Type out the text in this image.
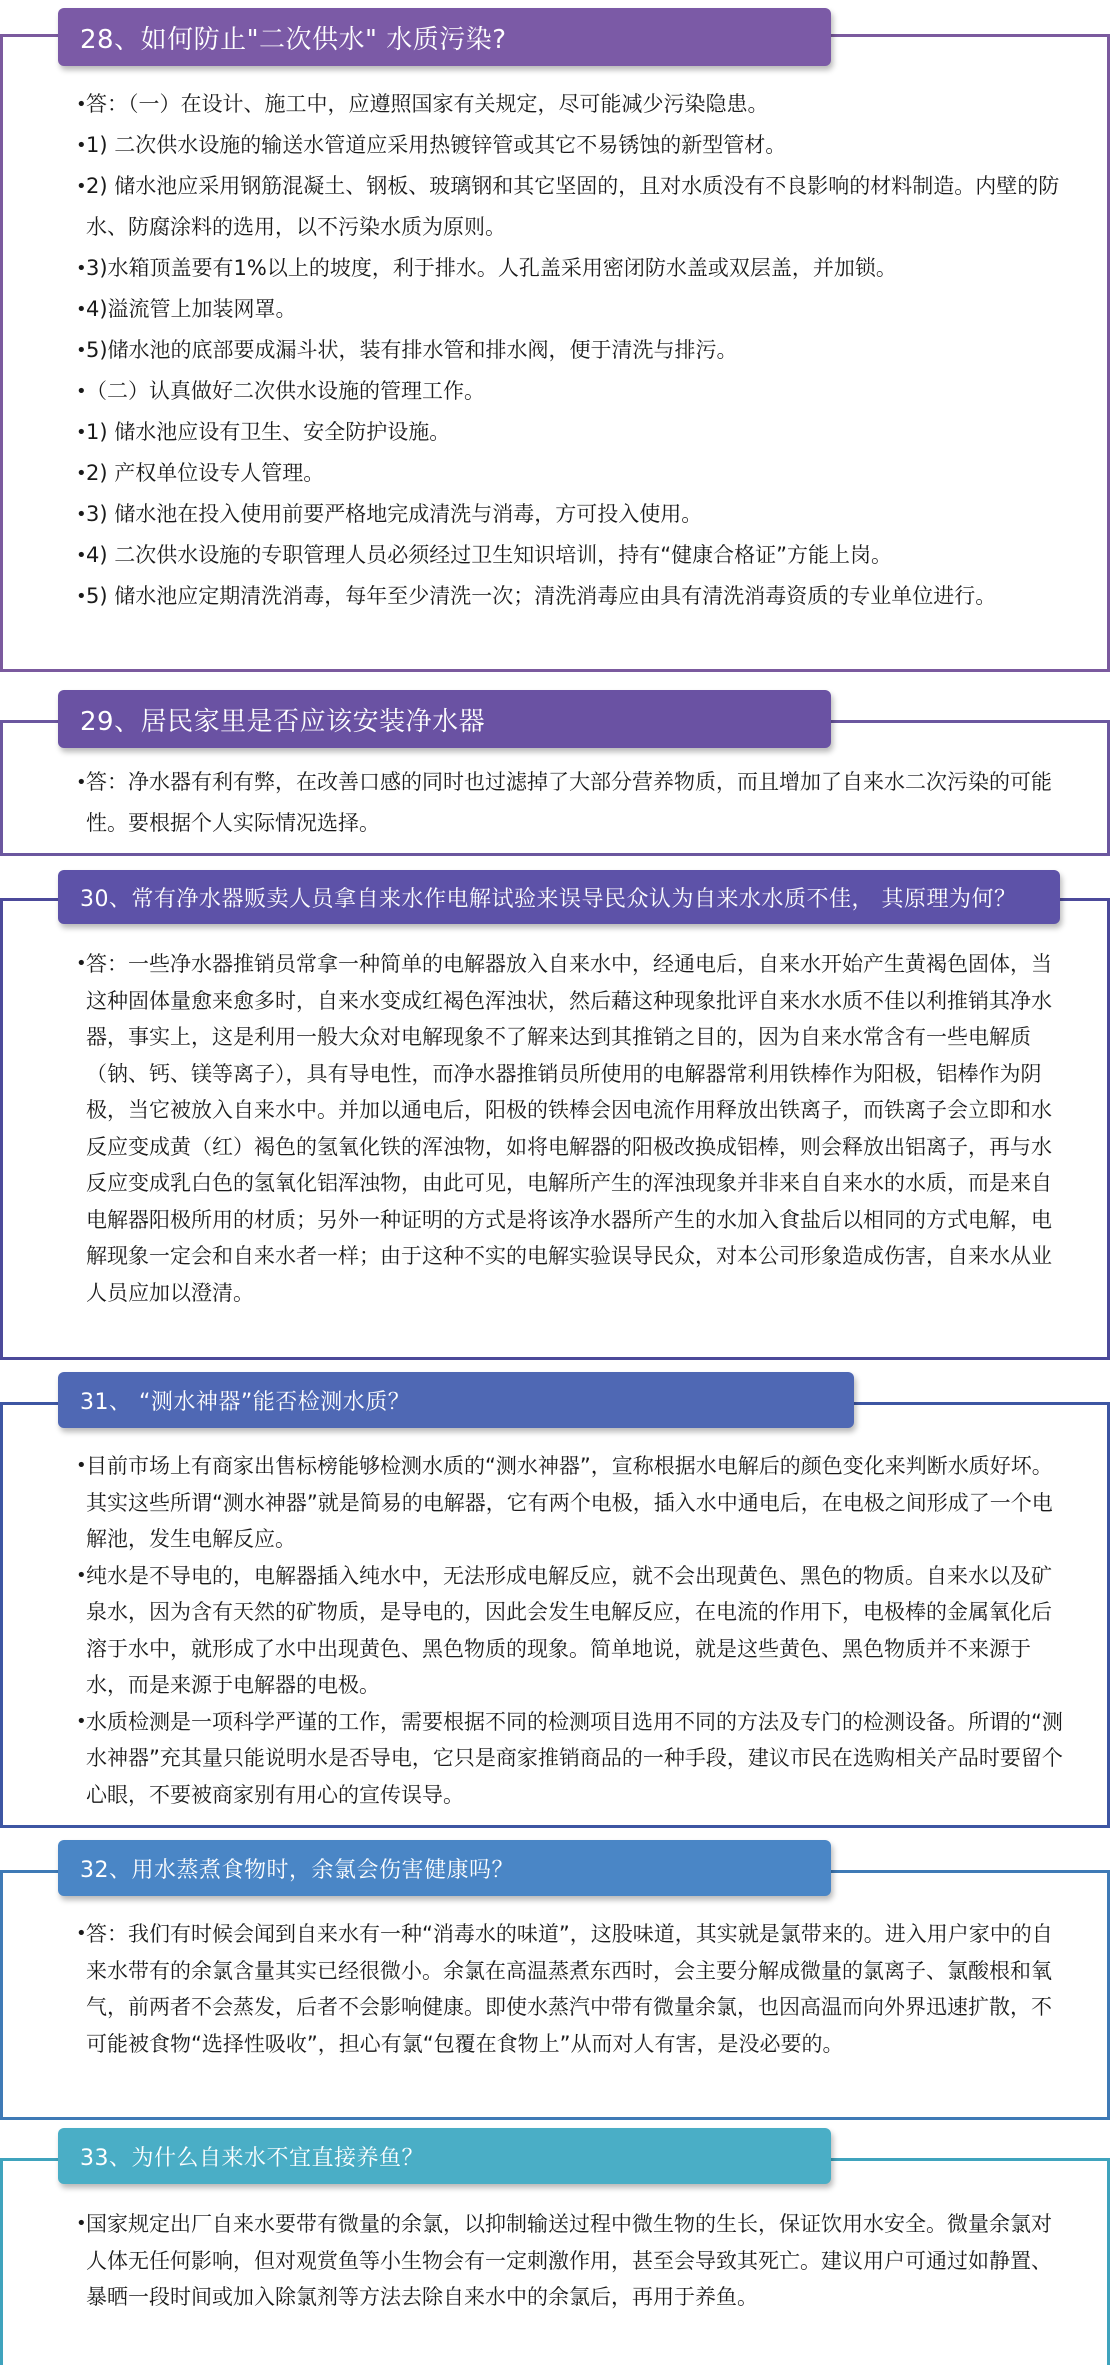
28、如何防止"二次供水" 水质污染?

• 答：（一）在设计、施工中，应遵照国家有关规定，尽可能减少污染隐患。

• 1) 二次供水设施的输送水管道应采用热镀锌管或其它不易锈蚀的新型管材。

• 2) 储水池应采用钢筋混凝土、钢板、玻璃钢和其它坚固的，且对水质没有不良影响的材料制造。内壁的防水、防腐涂料的选用，以不污染水质为原则。

• 3)水箱顶盖要有1%以上的坡度，利于排水。人孔盖采用密闭防水盖或双层盖，并加锁。

• 4)溢流管上加装网罩。

• 5)储水池的底部要成漏斗状，装有排水管和排水阀，便于清洗与排污。

• （二）认真做好二次供水设施的管理工作。

• 1) 储水池应设有卫生、安全防护设施。

• 2) 产权单位设专人管理。

• 3) 储水池在投入使用前要严格地完成清洗与消毒，方可投入使用。

• 4) 二次供水设施的专职管理人员必须经过卫生知识培训，持有“健康合格证”方能上岗。

• 5) 储水池应定期清洗消毒，每年至少清洗一次；清洗消毒应由具有清洗消毒资质的专业单位进行。

29、居民家里是否应该安装净水器

• 答：净水器有利有弊，在改善口感的同时也过滤掉了大部分营养物质，而且增加了自来水二次污染的可能性。要根据个人实际情况选择。

30、常有净水器贩卖人员拿自来水作电解试验来误导民众认为自来水水质不佳， 其原理为何？

• 答：一些净水器推销员常拿一种简单的电解器放入自来水中，经通电后，自来水开始产生黄褐色固体，当这种固体量愈来愈多时，自来水变成红褐色浑浊状，然后藉这种现象批评自来水水质不佳以利推销其净水器，事实上，这是利用一般大众对电解现象不了解来达到其推销之目的，因为自来水常含有一些电解质（钠、钙、镁等离子），具有导电性，而净水器推销员所使用的电解器常利用铁棒作为阳极，铝棒作为阴极，当它被放入自来水中。并加以通电后，阳极的铁棒会因电流作用释放出铁离子，而铁离子会立即和水反应变成黄（红）褐色的氢氧化铁的浑浊物，如将电解器的阳极改换成铝棒，则会释放出铝离子，再与水反应变成乳白色的氢氧化铝浑浊物，由此可见，电解所产生的浑浊现象并非来自自来水的水质，而是来自电解器阳极所用的材质；另外一种证明的方式是将该净水器所产生的水加入食盐后以相同的方式电解，电解现象一定会和自来水者一样；由于这种不实的电解实验误导民众，对本公司形象造成伤害，自来水从业人员应加以澄清。

31、 “测水神器”能否检测水质？

• 目前市场上有商家出售标榜能够检测水质的“测水神器”，宣称根据水电解后的颜色变化来判断水质好坏。其实这些所谓“测水神器”就是简易的电解器，它有两个电极，插入水中通电后，在电极之间形成了一个电解池，发生电解反应。

• 纯水是不导电的，电解器插入纯水中，无法形成电解反应，就不会出现黄色、黑色的物质。自来水以及矿泉水，因为含有天然的矿物质，是导电的，因此会发生电解反应，在电流的作用下，电极棒的金属氧化后溶于水中，就形成了水中出现黄色、黑色物质的现象。简单地说，就是这些黄色、黑色物质并不来源于水，而是来源于电解器的电极。

• 水质检测是一项科学严谨的工作，需要根据不同的检测项目选用不同的方法及专门的检测设备。所谓的“测水神器”充其量只能说明水是否导电，它只是商家推销商品的一种手段，建议市民在选购相关产品时要留个心眼，不要被商家别有用心的宣传误导。

32、用水蒸煮食物时，余氯会伤害健康吗？

• 答：我们有时候会闻到自来水有一种“消毒水的味道”，这股味道，其实就是氯带来的。进入用户家中的自来水带有的余氯含量其实已经很微小。余氯在高温蒸煮东西时，会主要分解成微量的氯离子、氯酸根和氧气，前两者不会蒸发，后者不会影响健康。即使水蒸汽中带有微量余氯，也因高温而向外界迅速扩散，不可能被食物“选择性吸收”，担心有氯“包覆在食物上”从而对人有害，是没必要的。

33、为什么自来水不宜直接养鱼？

• 国家规定出厂自来水要带有微量的余氯，以抑制输送过程中微生物的生长，保证饮用水安全。微量余氯对人体无任何影响，但对观赏鱼等小生物会有一定刺激作用，甚至会导致其死亡。建议用户可通过如静置、暴晒一段时间或加入除氯剂等方法去除自来水中的余氯后，再用于养鱼。
